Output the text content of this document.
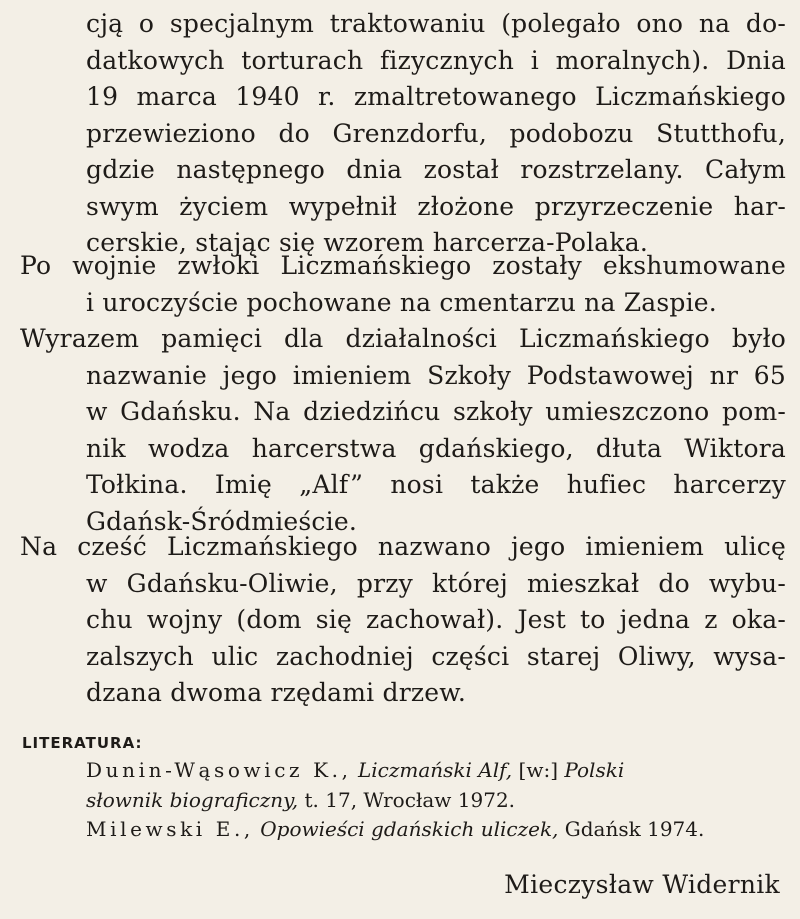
cją o specjalnym traktowaniu (polegało ono na do-
datkowych torturach fizycznych i moralnych). Dnia
19 marca 1940 r. zmaltretowanego Liczmańskiego
przewieziono do Grenzdorfu, podobozu Stutthofu,
gdzie następnego dnia został rozstrzelany. Całym
swym życiem wypełnił złożone przyrzeczenie har-
cerskie, stając się wzorem harcerza-Polaka.
Po wojnie zwłoki Liczmańskiego zostały ekshumowane
i uroczyście pochowane na cmentarzu na Zaspie.
Wyrazem pamięci dla działalności Liczmańskiego było
nazwanie jego imieniem Szkoły Podstawowej nr 65
w Gdańsku. Na dziedzińcu szkoły umieszczono pom-
nik wodza harcerstwa gdańskiego, dłuta Wiktora
Tołkina. Imię „Alf” nosi także hufiec harcerzy
Gdańsk-Śródmieście.
Na cześć Liczmańskiego nazwano jego imieniem ulicę
w Gdańsku-Oliwie, przy której mieszkał do wybu-
chu wojny (dom się zachował). Jest to jedna z oka-
zalszych ulic zachodniej części starej Oliwy, wysa-
dzana dwoma rzędami drzew.
LITERATURA:
Dunin-Wąsowicz K., Liczmański Alf, [w:] Polski
słownik biograficzny, t. 17, Wrocław 1972.
Milewski E., Opowieści gdańskich uliczek, Gdańsk 1974.
Mieczysław Widernik
